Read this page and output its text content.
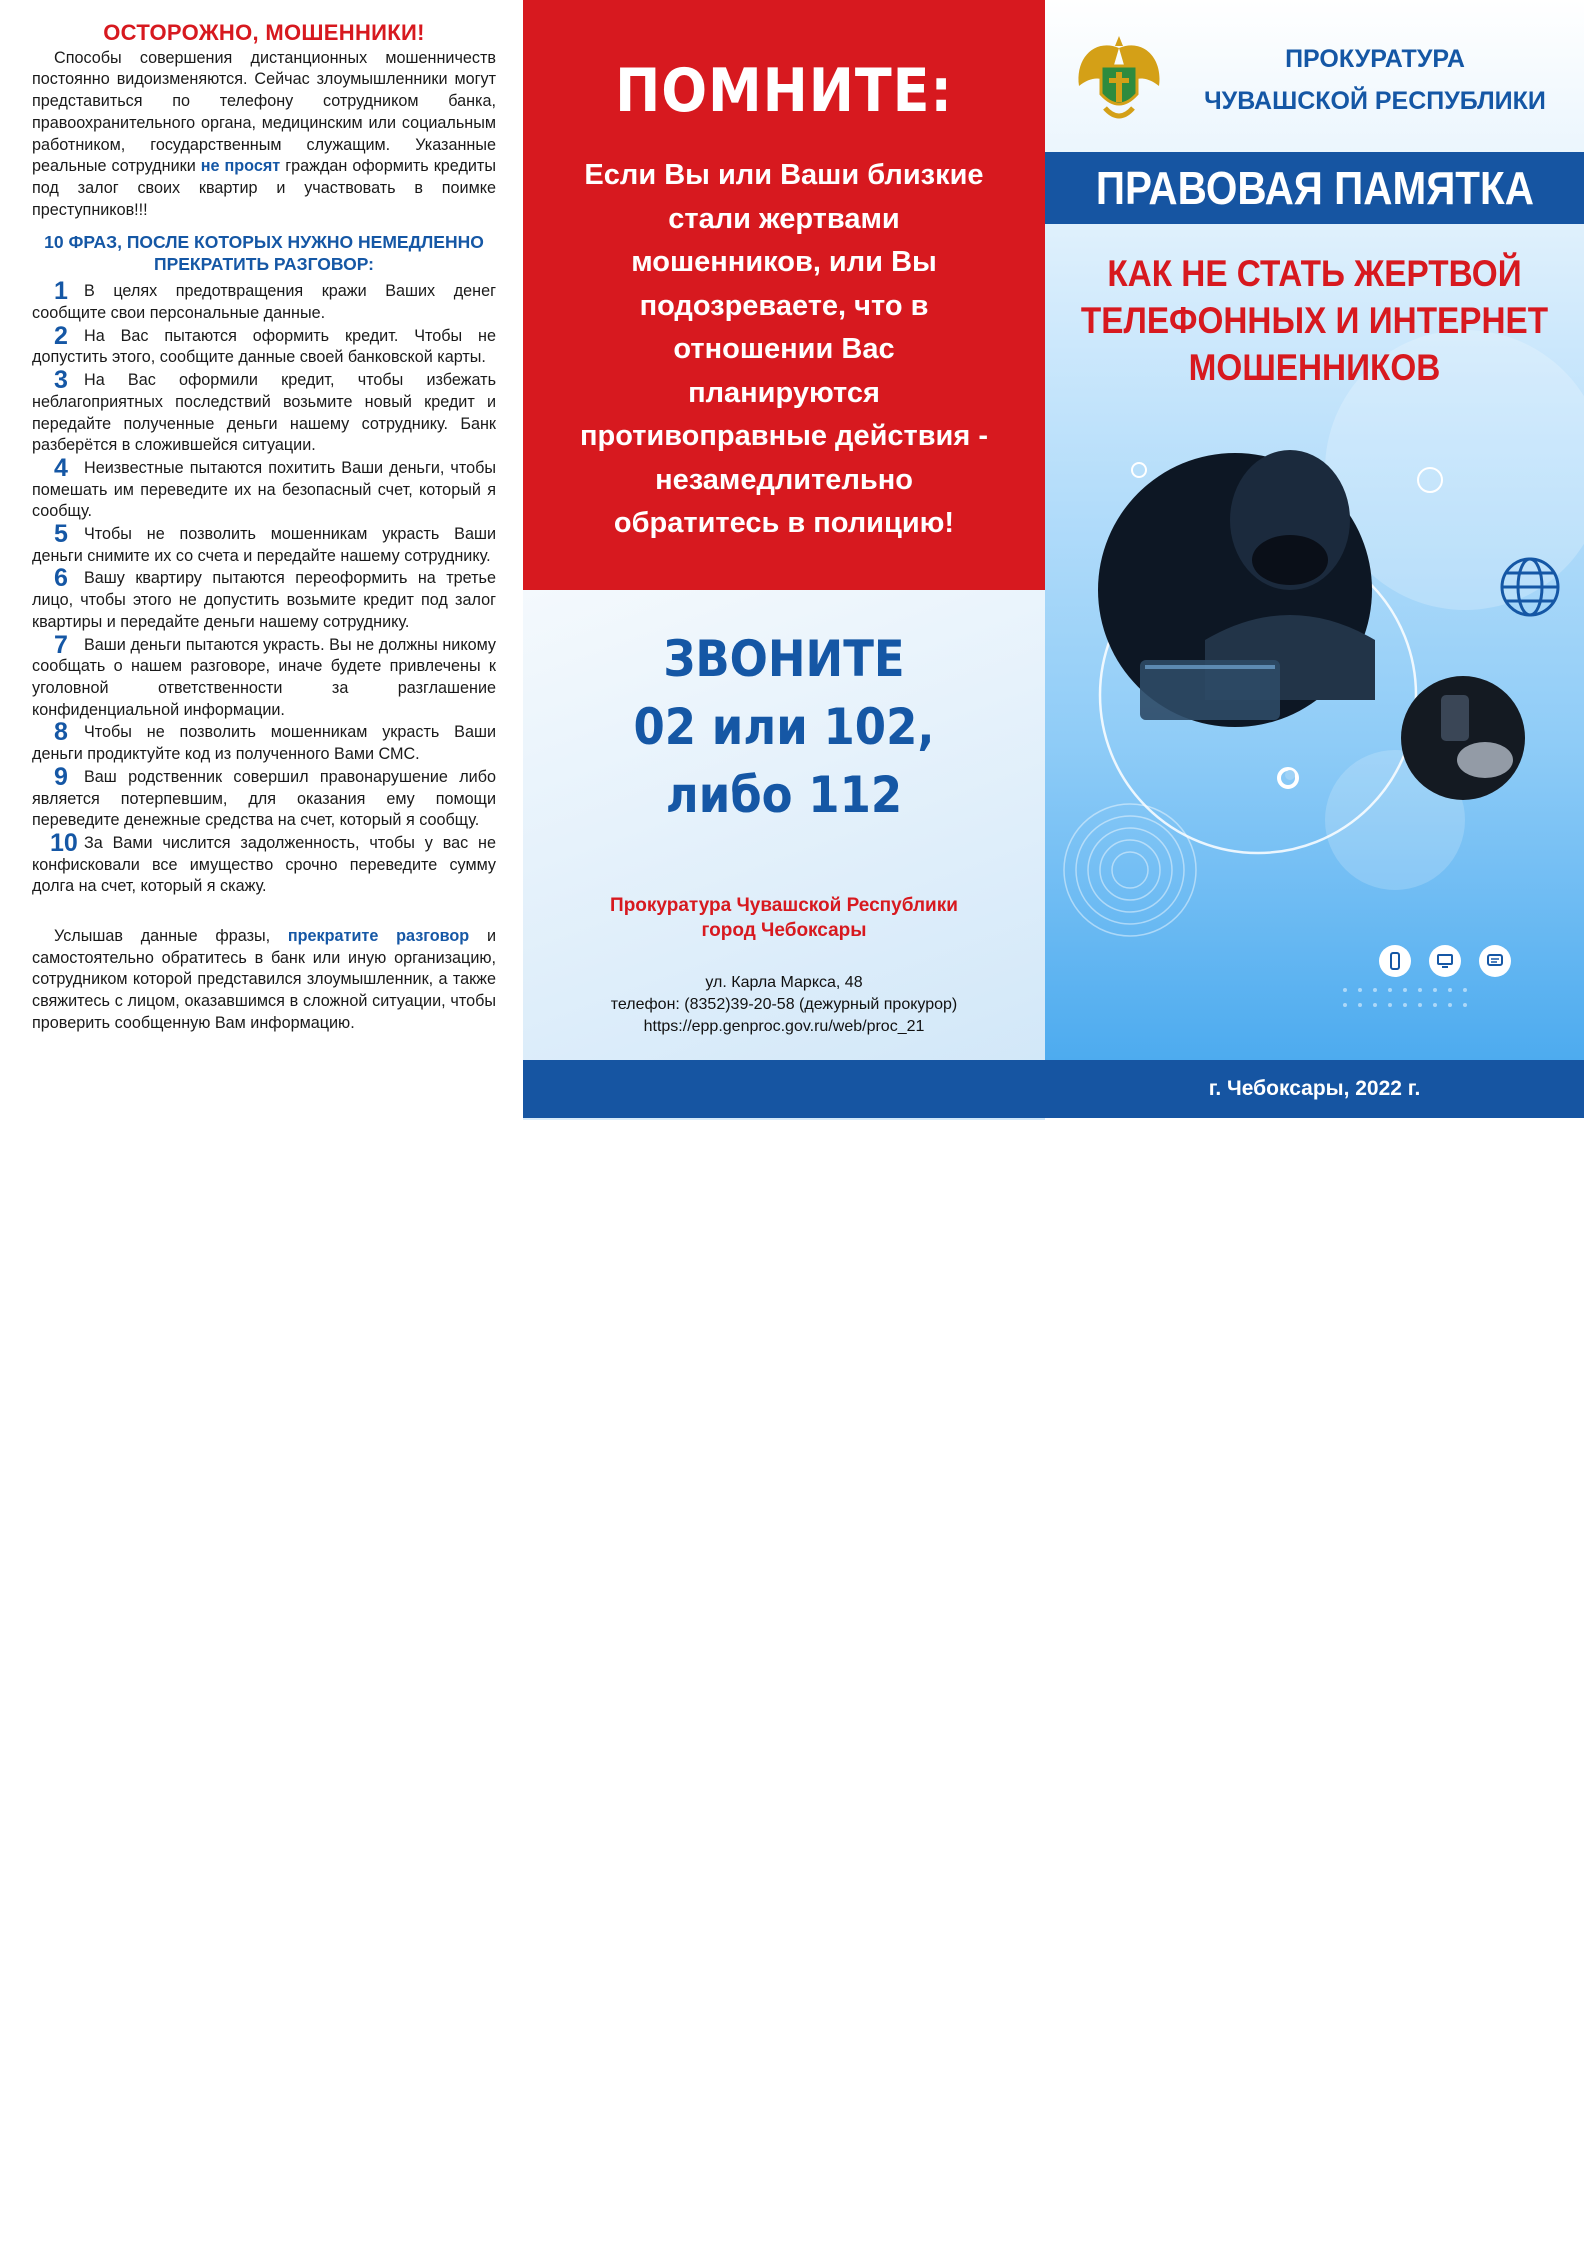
ОСТОРОЖНО, МОШЕННИКИ!

Способы совершения дистанционных мошенничеств постоянно видоизменяются. Сейчас злоумышленники могут представиться по телефону сотрудником банка, правоохранительного органа, медицинским или социальным работником, государственным служащим. Указанные реальные сотрудники не просят граждан оформить кредиты под залог своих квартир и участвовать в поимке преступников!!!

10 ФРАЗ, ПОСЛЕ КОТОРЫХ НУЖНО НЕМЕДЛЕННО ПРЕКРАТИТЬ РАЗГОВОР:

1 В целях предотвращения кражи Ваших денег сообщите свои персональные данные.

2 На Вас пытаются оформить кредит. Чтобы не допустить этого, сообщите данные своей банковской карты.

3 На Вас оформили кредит, чтобы избежать неблагоприятных последствий возьмите новый кредит и передайте полученные деньги нашему сотруднику. Банк разберётся в сложившейся ситуации.

4 Неизвестные пытаются похитить Ваши деньги, чтобы помешать им переведите их на безопасный счет, который я сообщу.

5 Чтобы не позволить мошенникам украсть Ваши деньги снимите их со счета и передайте нашему сотруднику.

6 Вашу квартиру пытаются переоформить на третье лицо, чтобы этого не допустить возьмите кредит под залог квартиры и передайте деньги нашему сотруднику.

7 Ваши деньги пытаются украсть. Вы не должны никому сообщать о нашем разговоре, иначе будете привлечены к уголовной ответственности за разглашение конфиденциальной информации.

8 Чтобы не позволить мошенникам украсть Ваши деньги продиктуйте код из полученного Вами СМС.

9 Ваш родственник совершил правонарушение либо является потерпевшим, для оказания ему помощи переведите денежные средства на счет, который я сообщу.

10 За Вами числится задолженность, чтобы у вас не конфисковали все имущество срочно переведите сумму долга на счет, который я скажу.

Услышав данные фразы, прекратите разговор и самостоятельно обратитесь в банк или иную организацию, сотрудником которой представился злоумышленник, а также свяжитесь с лицом, оказавшимся в сложной ситуации, чтобы проверить сообщенную Вам информацию.

ПОМНИТЕ:
Если Вы или Ваши близкие стали жертвами мошенников, или Вы подозреваете, что в отношении Вас планируются противоправные действия - незамедлительно обратитесь в полицию!
ЗВОНИТЕ
02 или 102,
либо 112
Прокуратура Чувашской Республики
город Чебоксары
ул. Карла Маркса, 48
телефон: (8352)39-20-58 (дежурный прокурор)
https://epp.genproc.gov.ru/web/proc_21
ПРОКУРАТУРА
ЧУВАШСКОЙ РЕСПУБЛИКИ
ПРАВОВАЯ ПАМЯТКА
КАК НЕ СТАТЬ ЖЕРТВОЙ
ТЕЛЕФОННЫХ И ИНТЕРНЕТ
МОШЕННИКОВ
г. Чебоксары, 2022 г.
